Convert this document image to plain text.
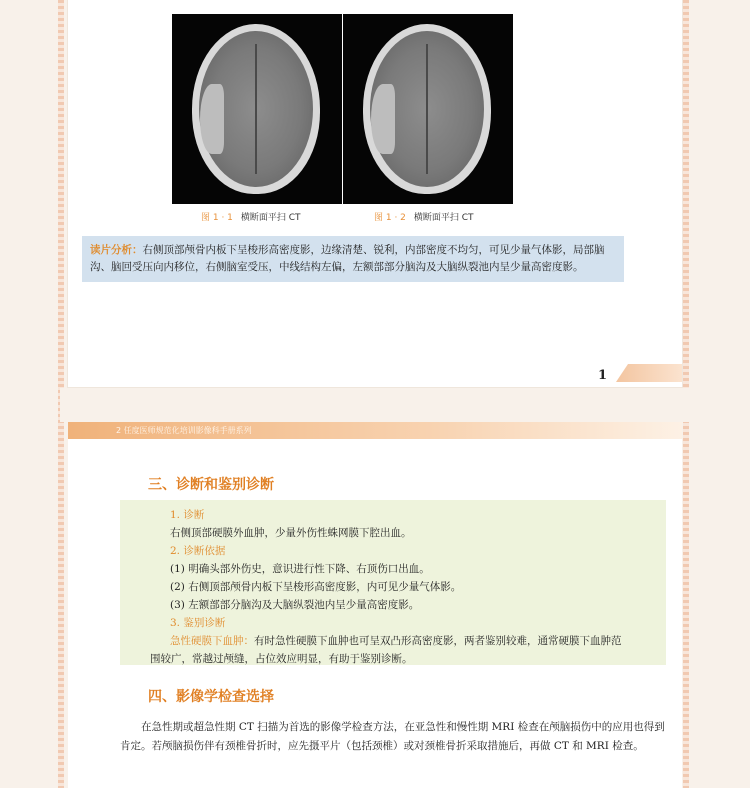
图 1 · 1 横断面平扫 CT	图 1 · 2 横断面平扫 CT
读片分析：右侧顶部颅骨内板下呈梭形高密度影，边缘清楚、锐利，内部密度不均匀，可见少量气体影，局部脑沟、脑回受压向内移位，右侧脑室受压，中线结构左偏，左额部部分脑沟及大脑纵裂池内呈少量高密度影。
1
2 任度医师规范化培训影像科手册系列
三、诊断和鉴别诊断
1. 诊断
右侧顶部硬膜外血肿，少量外伤性蛛网膜下腔出血。
2. 诊断依据
(1) 明确头部外伤史，意识进行性下降、右顶伤口出血。
(2) 右侧顶部颅骨内板下呈梭形高密度影，内可见少量气体影。
(3) 左额部部分脑沟及大脑纵裂池内呈少量高密度影。
3. 鉴别诊断
急性硬膜下血肿：有时急性硬膜下血肿也可呈双凸形高密度影，两者鉴别较难，通常硬膜下血肿范
围较广，常越过颅缝，占位效应明显，有助于鉴别诊断。
四、影像学检查选择
在急性期或超急性期 CT 扫描为首选的影像学检查方法，在亚急性和慢性期 MRI 检查在颅脑损伤中的应用也得到肯定。若颅脑损伤伴有颈椎骨折时，应先摄平片（包括颈椎）或对颈椎骨折采取措施后，再做 CT 和 MRI 检查。
